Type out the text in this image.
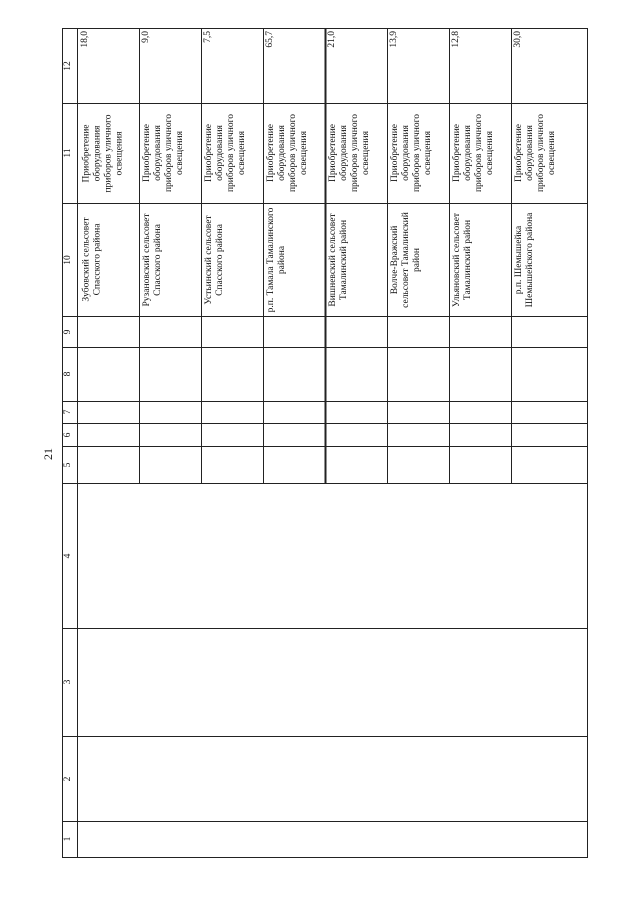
21
1
2
3
4
5
6
7
8
9
10
11
12
Зубовский сельсовет Спасского района
Приобретение оборудования приборов уличного освещения
18,0
Рузановский сельсовет Спасского района
Приобретение оборудования приборов уличного освещения
9,0
Устьинский сельсовет Спасского района
Приобретение оборудования приборов уличного освещения
7,5
р.п. Тамала Тамалинского района
Приобретение оборудования приборов уличного освещения
65,7
Вишневский сельсовет Тамалинский район
Приобретение оборудования приборов уличного освещения
21,0
Волчe-Вражский сельсовет Тамалинский район
Приобретение оборудования приборов уличного освещения
13,9
Ульяновский сельсовет Тамалинский район
Приобретение оборудования приборов уличного освещения
12,8
р.п. Шемышейка Шемышейского района
Приобретение оборудования приборов уличного освещения
30,0
